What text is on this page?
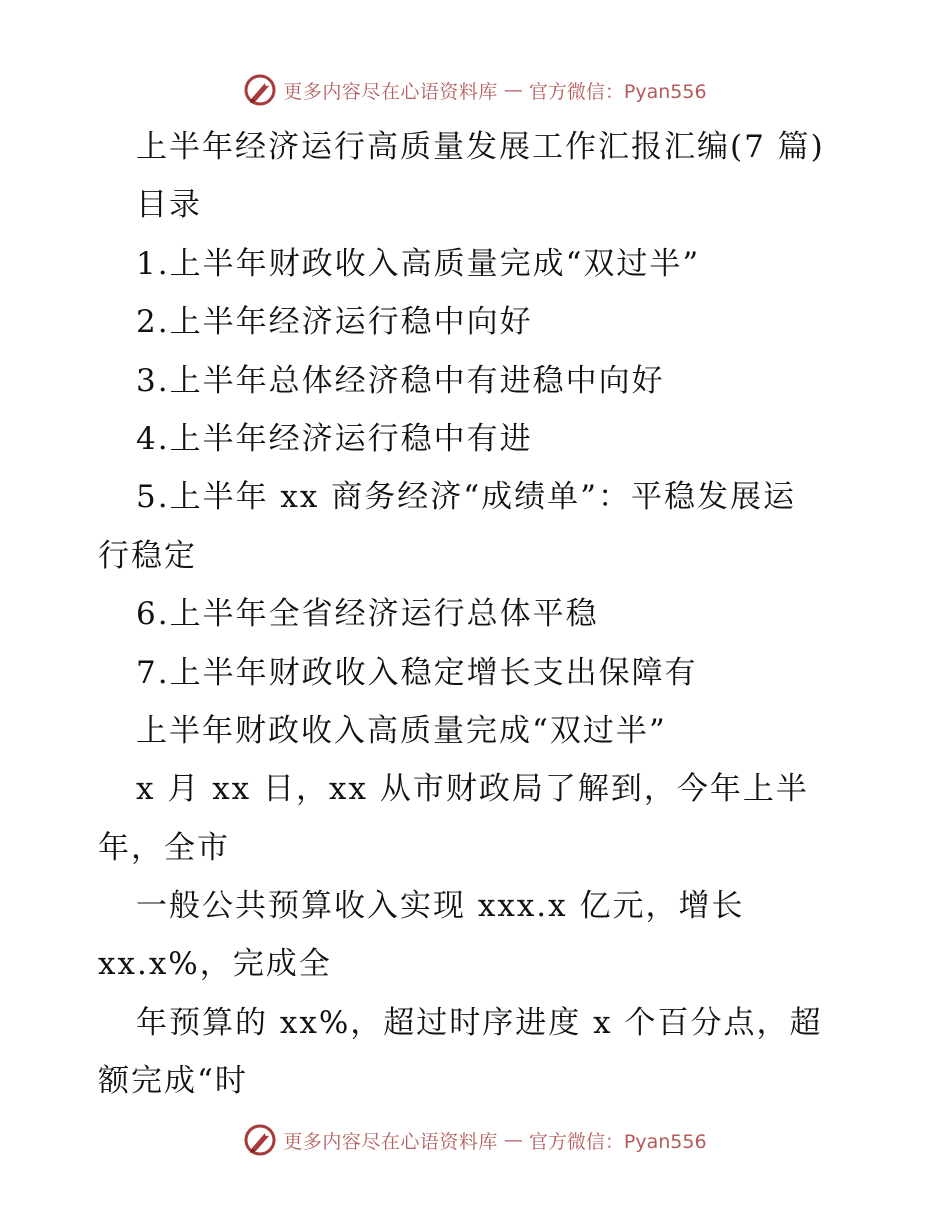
更多内容尽在心语资料库 — 官方微信：Pyan556
上半年经济运行高质量发展工作汇报汇编(7 篇)
目录
1.上半年财政收入高质量完成“双过半”
2.上半年经济运行稳中向好
3.上半年总体经济稳中有进稳中向好
4.上半年经济运行稳中有进
5.上半年 xx 商务经济“成绩单”：平稳发展运
行稳定
6.上半年全省经济运行总体平稳
7.上半年财政收入稳定增长支出保障有
上半年财政收入高质量完成“双过半”
x 月 xx 日，xx 从市财政局了解到，今年上半
年，全市
一般公共预算收入实现 xxx.x 亿元，增长
xx.x%，完成全
年预算的 xx%，超过时序进度 x 个百分点，超
额完成“时
更多内容尽在心语资料库 — 官方微信：Pyan556
